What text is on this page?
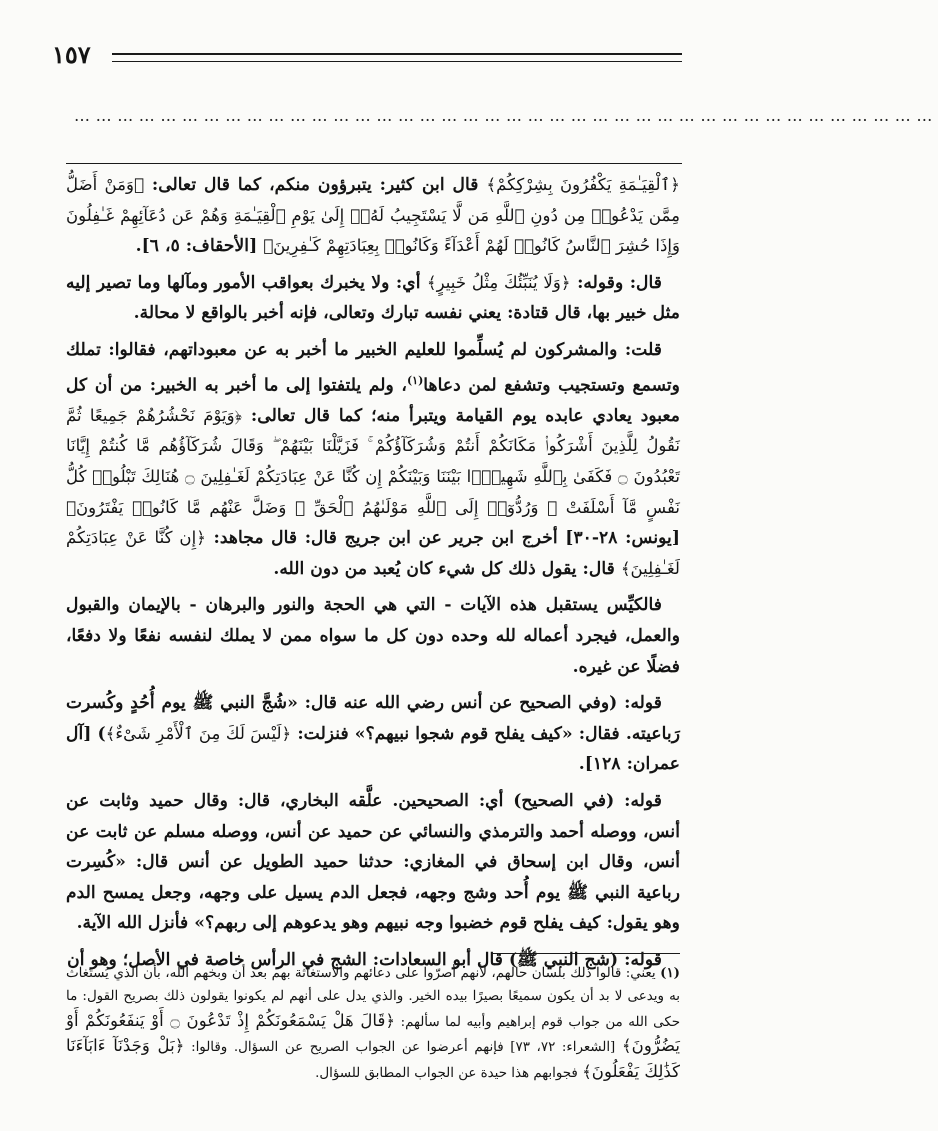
١٥٧
…………………………………………………………………………………………………………

﴿ٱلْقِيَـٰمَةِ يَكْفُرُونَ بِشِرْكِكُمْ﴾ قال ابن كثير: يتبرؤون منكم، كما قال تعالى: ﴿وَمَنْ أَضَلُّ مِمَّن يَدْعُوا۟ مِن دُونِ ٱللَّهِ مَن لَّا يَسْتَجِيبُ لَهُۥٓ إِلَىٰ يَوْمِ ٱلْقِيَـٰمَةِ وَهُمْ عَن دُعَآئِهِمْ غَـٰفِلُونَ وَإِذَا حُشِرَ ٱلنَّاسُ كَانُوا۟ لَهُمْ أَعْدَآءً وَكَانُوا۟ بِعِبَادَتِهِمْ كَـٰفِرِينَ﴾ [الأحقاف: ٥، ٦].

قال: وقوله: ﴿وَلَا يُنَبِّئُكَ مِثْلُ خَبِيرٍ﴾ أي: ولا يخبرك بعواقب الأمور ومآلها وما تصير إليه مثل خبير بها، قال قتادة: يعني نفسه تبارك وتعالى، فإنه أخبر بالواقع لا محالة.

قلت: والمشركون لم يُسلِّموا للعليم الخبير ما أخبر به عن معبوداتهم، فقالوا: تملك وتسمع وتستجيب وتشفع لمن دعاها$^{(١)}$، ولم يلتفتوا إلى ما أخبر به الخبير: من أن كل معبود يعادي عابده يوم القيامة ويتبرأ منه؛ كما قال تعالى: ﴿وَيَوْمَ نَحْشُرُهُمْ جَمِيعًا ثُمَّ نَقُولُ لِلَّذِينَ أَشْرَكُوا۟ مَكَانَكُمْ أَنتُمْ وَشُرَكَآؤُكُمْ ۚ فَزَيَّلْنَا بَيْنَهُمْ ۖ وَقَالَ شُرَكَآؤُهُم مَّا كُنتُمْ إِيَّانَا تَعْبُدُونَ ۝ فَكَفَىٰ بِٱللَّهِ شَهِيدًۢا بَيْنَنَا وَبَيْنَكُمْ إِن كُنَّا عَنْ عِبَادَتِكُمْ لَغَـٰفِلِينَ ۝ هُنَالِكَ تَبْلُوا۟ كُلُّ نَفْسٍ مَّآ أَسْلَفَتْ ۚ وَرُدُّوٓا۟ إِلَى ٱللَّهِ مَوْلَىٰهُمُ ٱلْحَقِّ ۖ وَضَلَّ عَنْهُم مَّا كَانُوا۟ يَفْتَرُونَ﴾ [يونس: ٢٨-٣٠] أخرج ابن جرير عن ابن جريج قال: قال مجاهد: ﴿إِن كُنَّا عَنْ عِبَادَتِكُمْ لَغَـٰفِلِينَ﴾ قال: يقول ذلك كل شيء كان يُعبد من دون الله.

فالكيِّس يستقبل هذه الآيات - التي هي الحجة والنور والبرهان - بالإيمان والقبول والعمل، فيجرد أعماله لله وحده دون كل ما سواه ممن لا يملك لنفسه نفعًا ولا دفعًا، فضلًا عن غيره.

قوله: (وفي الصحيح عن أنس رضي الله عنه قال: «شُجَّ النبي ﷺ يوم أُحُدٍ وكُسرت رَباعيته. فقال: «كيف يفلح قوم شجوا نبيهم؟» فنزلت: ﴿لَيْسَ لَكَ مِنَ ٱلْأَمْرِ شَىْءٌ﴾) [آل عمران: ١٢٨].

قوله: (في الصحيح) أي: الصحيحين. علَّقه البخاري، قال: وقال حميد وثابت عن أنس، ووصله أحمد والترمذي والنسائي عن حميد عن أنس، ووصله مسلم عن ثابت عن أنس، وقال ابن إسحاق في المغازي: حدثنا حميد الطويل عن أنس قال: «كُسِرت رباعية النبي ﷺ يوم أُحد وشج وجهه، فجعل الدم يسيل على وجهه، وجعل يمسح الدم وهو يقول: كيف يفلح قوم خضبوا وجه نبيهم وهو يدعوهم إلى ربهم؟» فأنزل الله الآية.

قوله: (شج النبي ﷺ) قال أبو السعادات: الشج في الرأس خاصة في الأصل؛ وهو أن

(١) يعني: قالوا ذلك بلسان حالهم، لأنهم أصرّوا على دعائهم والاستغاثة بهم بعد أن وبخهم الله، بأن الذي يُستَغاث به ويدعى لا بد أن يكون سميعًا بصيرًا بيده الخير. والذي يدل على أنهم لم يكونوا يقولون ذلك بصريح القول: ما حكى الله من جواب قوم إبراهيم وأبيه لما سألهم: ﴿قَالَ هَلْ يَسْمَعُونَكُمْ إِذْ تَدْعُونَ ۝ أَوْ يَنفَعُونَكُمْ أَوْ يَضُرُّونَ﴾ [الشعراء: ٧٢، ٧٣] فإنهم أعرضوا عن الجواب الصريح عن السؤال. وقالوا: ﴿بَلْ وَجَدْنَآ ءَابَآءَنَا كَذَٰلِكَ يَفْعَلُونَ﴾ فجوابهم هذا حيدة عن الجواب المطابق للسؤال.
